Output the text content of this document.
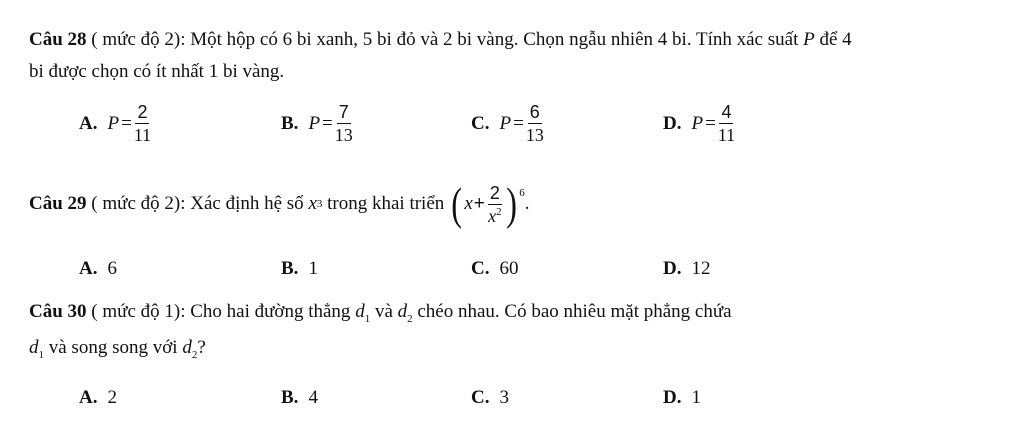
Câu 28 ( mức độ 2): Một hộp có 6 bi xanh, 5 bi đỏ và 2 bi vàng. Chọn ngẫu nhiên 4 bi. Tính xác suất P để 4
bi được chọn có ít nhất 1 bi vàng.
A. $P = \frac{2}{11}$	B. $P = \frac{7}{13}$	C. $P = \frac{6}{13}$	D. $P = \frac{4}{11}$
Câu 29 ( mức độ 2): Xác định hệ số x 3 trong khai triển ( $x + \frac{2}{x^2} )^6$ .
A. 6	B. 1	C. 60	D. 12
Câu 30 ( mức độ 1): Cho hai đường thẳng $d_1$ và $d_2$ chéo nhau. Có bao nhiêu mặt phẳng chứa
$d_1$ và song song với $d_2$?
A. 2	B. 4	C. 3	D. 1
